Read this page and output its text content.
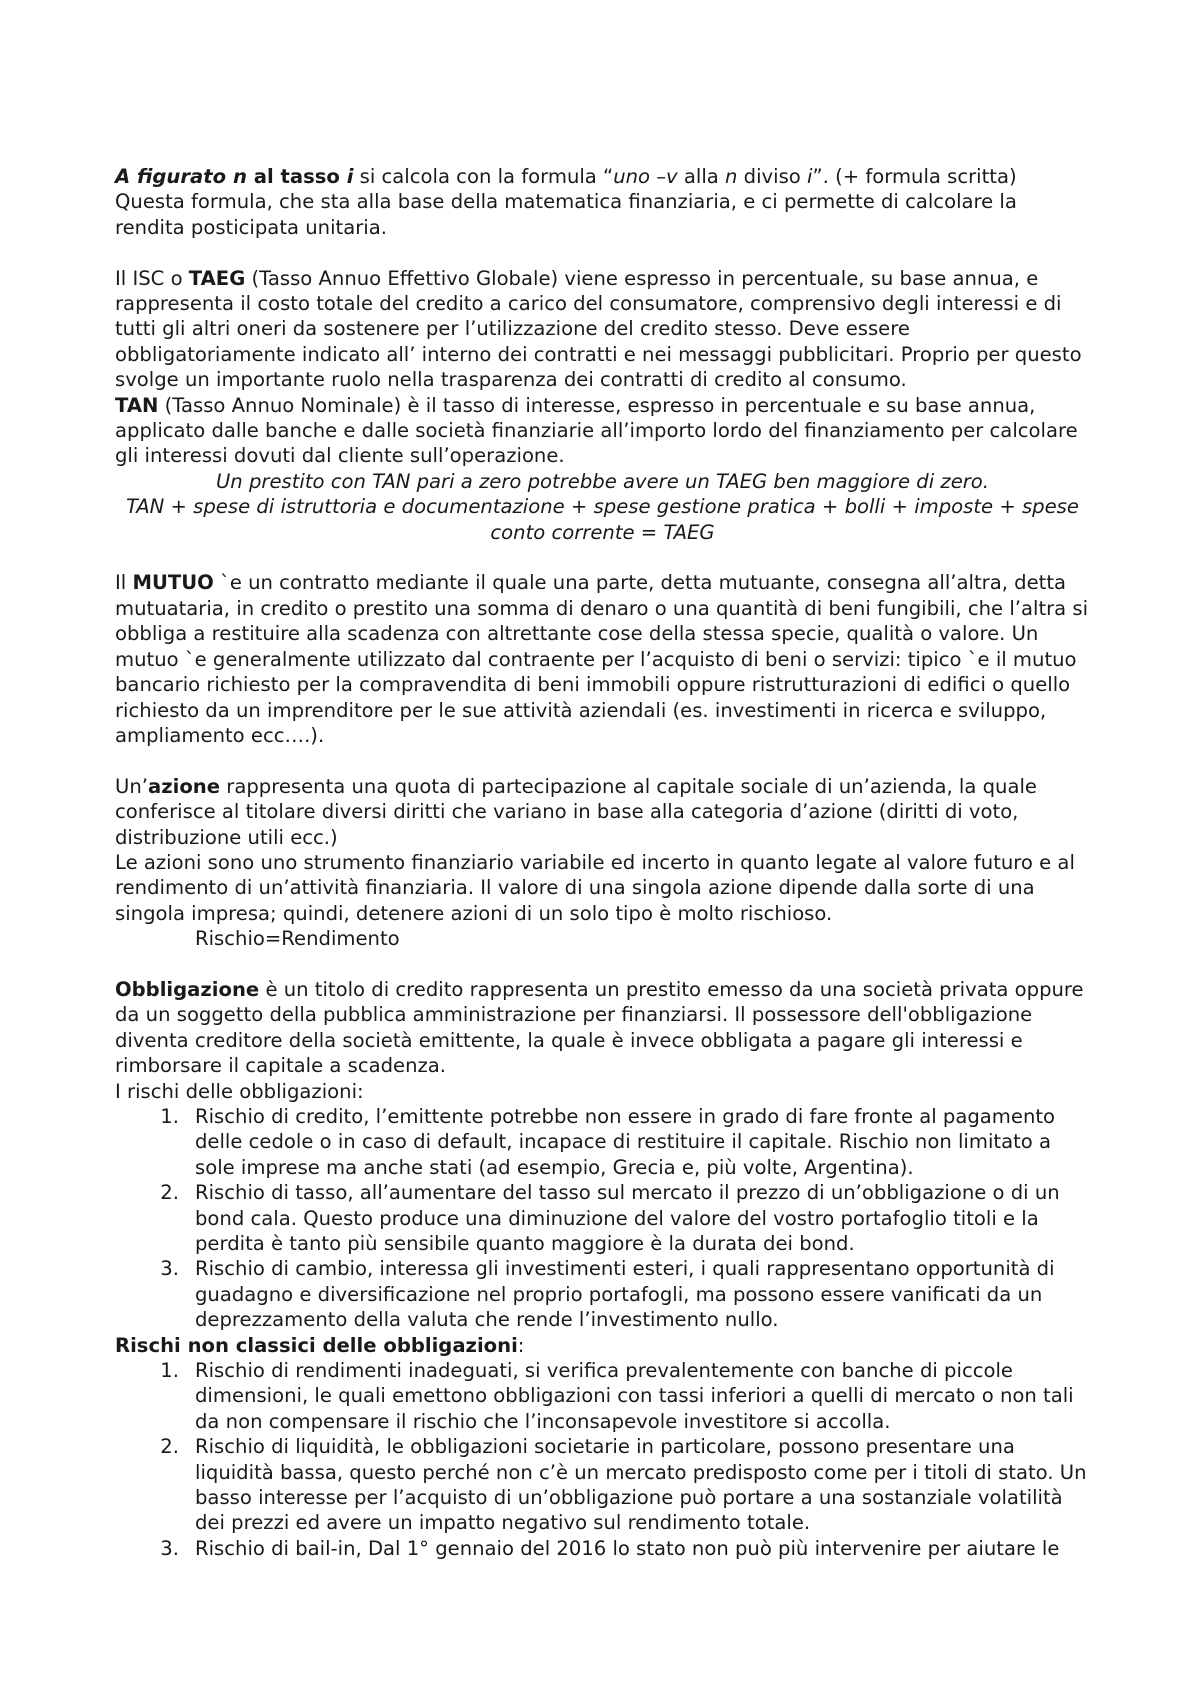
A figurato n al tasso i si calcola con la formula “uno –v alla n diviso i”. (+ formula scritta)

Questa formula, che sta alla base della matematica finanziaria, e ci permette di calcolare la rendita posticipata unitaria.

Il ISC o TAEG (Tasso Annuo Effettivo Globale) viene espresso in percentuale, su base annua, e rappresenta il costo totale del credito a carico del consumatore, comprensivo degli interessi e di tutti gli altri oneri da sostenere per l’utilizzazione del credito stesso. Deve essere obbligatoriamente indicato all’ interno dei contratti e nei messaggi pubblicitari. Proprio per questo svolge un importante ruolo nella trasparenza dei contratti di credito al consumo.

TAN (Tasso Annuo Nominale) è il tasso di interesse, espresso in percentuale e su base annua, applicato dalle banche e dalle società finanziarie all’importo lordo del finanziamento per calcolare gli interessi dovuti dal cliente sull’operazione.

Un prestito con TAN pari a zero potrebbe avere un TAEG ben maggiore di zero.

TAN + spese di istruttoria e documentazione + spese gestione pratica + bolli + imposte + spese conto corrente = TAEG

Il MUTUO `e un contratto mediante il quale una parte, detta mutuante, consegna all’altra, detta mutuataria, in credito o prestito una somma di denaro o una quantità di beni fungibili, che l’altra si obbliga a restituire alla scadenza con altrettante cose della stessa specie, qualità o valore. Un mutuo `e generalmente utilizzato dal contraente per l’acquisto di beni o servizi: tipico `e il mutuo bancario richiesto per la compravendita di beni immobili oppure ristrutturazioni di edifici o quello richiesto da un imprenditore per le sue attività aziendali (es. investimenti in ricerca e sviluppo, ampliamento ecc….).

Un’azione rappresenta una quota di partecipazione al capitale sociale di un’azienda, la quale conferisce al titolare diversi diritti che variano in base alla categoria d’azione (diritti di voto, distribuzione utili ecc.)

Le azioni sono uno strumento finanziario variabile ed incerto in quanto legate al valore futuro e al rendimento di un’attività finanziaria. Il valore di una singola azione dipende dalla sorte di una singola impresa; quindi, detenere azioni di un solo tipo è molto rischioso.

Rischio=Rendimento

Obbligazione è un titolo di credito rappresenta un prestito emesso da una società privata oppure da un soggetto della pubblica amministrazione per finanziarsi. Il possessore dell'obbligazione diventa creditore della società emittente, la quale è invece obbligata a pagare gli interessi e rimborsare il capitale a scadenza.

I rischi delle obbligazioni:

1. Rischio di credito, l’emittente potrebbe non essere in grado di fare fronte al pagamento delle cedole o in caso di default, incapace di restituire il capitale. Rischio non limitato a sole imprese ma anche stati (ad esempio, Grecia e, più volte, Argentina).
2. Rischio di tasso, all’aumentare del tasso sul mercato il prezzo di un’obbligazione o di un bond cala. Questo produce una diminuzione del valore del vostro portafoglio titoli e la perdita è tanto più sensibile quanto maggiore è la durata dei bond.
3. Rischio di cambio, interessa gli investimenti esteri, i quali rappresentano opportunità di guadagno e diversificazione nel proprio portafogli, ma possono essere vanificati da un deprezzamento della valuta che rende l’investimento nullo.

Rischi non classici delle obbligazioni:

1. Rischio di rendimenti inadeguati, si verifica prevalentemente con banche di piccole dimensioni, le quali emettono obbligazioni con tassi inferiori a quelli di mercato o non tali da non compensare il rischio che l’inconsapevole investitore si accolla.
2. Rischio di liquidità, le obbligazioni societarie in particolare, possono presentare una liquidità bassa, questo perché non c’è un mercato predisposto come per i titoli di stato. Un basso interesse per l’acquisto di un’obbligazione può portare a una sostanziale volatilità dei prezzi ed avere un impatto negativo sul rendimento totale.
3. Rischio di bail-in, Dal 1° gennaio del 2016 lo stato non può più intervenire per aiutare le
